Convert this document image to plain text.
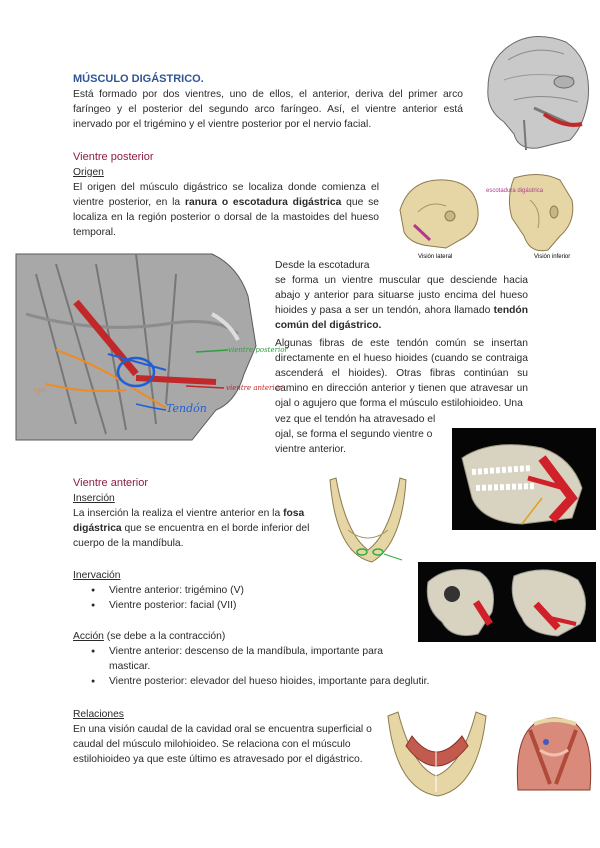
MÚSCULO DIGÁSTRICO.

Está formado por dos vientres, uno de ellos, el anterior, deriva del primer arco faríngeo y el posterior del segundo arco faríngeo. Así, el vientre anterior está inervado por el trigémino y el vientre posterior por el nervio facial.

Vientre posterior
Origen

El origen del músculo digástrico se localiza donde comienza el vientre posterior, en la ranura o escotadura digástrica que se localiza en la región posterior o dorsal de la mastoides del hueso temporal.

Visión lateral	Visión inferior
escotadura digástrica
vientre posterior
vientre anterior
Tendón
ojal
Desde la escotadura

se forma un vientre muscular que desciende hacia abajo y anterior para situarse justo encima del hueso hioides y pasa a ser un tendón, ahora llamado tendón común del digástrico.

Algunas fibras de este tendón común se insertan directamente en el hueso hioides (cuando se contraiga ascenderá el hioides). Otras fibras continúan su camino en dirección anterior y tienen que atravesar un ojal o agujero que forma el músculo estilohioideo. Una

vez que el tendón ha atravesado el
ojal, se forma el segundo vientre o
vientre anterior.
Vientre anterior
Inserción

La inserción la realiza el vientre anterior en la fosa digástrica que se encuentra en el borde inferior del cuerpo de la mandíbula.

Inervación
● Vientre anterior: trigémino (V)
● Vientre posterior: facial (VII)
Acción (se debe a la contracción)
● Vientre anterior: descenso de la mandíbula, importante para masticar.
● Vientre posterior: elevador del hueso hioides, importante para deglutir.
Relaciones

En una visión caudal de la cavidad oral se encuentra superficial o caudal del músculo milohioideo. Se relaciona con el músculo estilohioideo ya que este último es atravesado por el digástrico.
